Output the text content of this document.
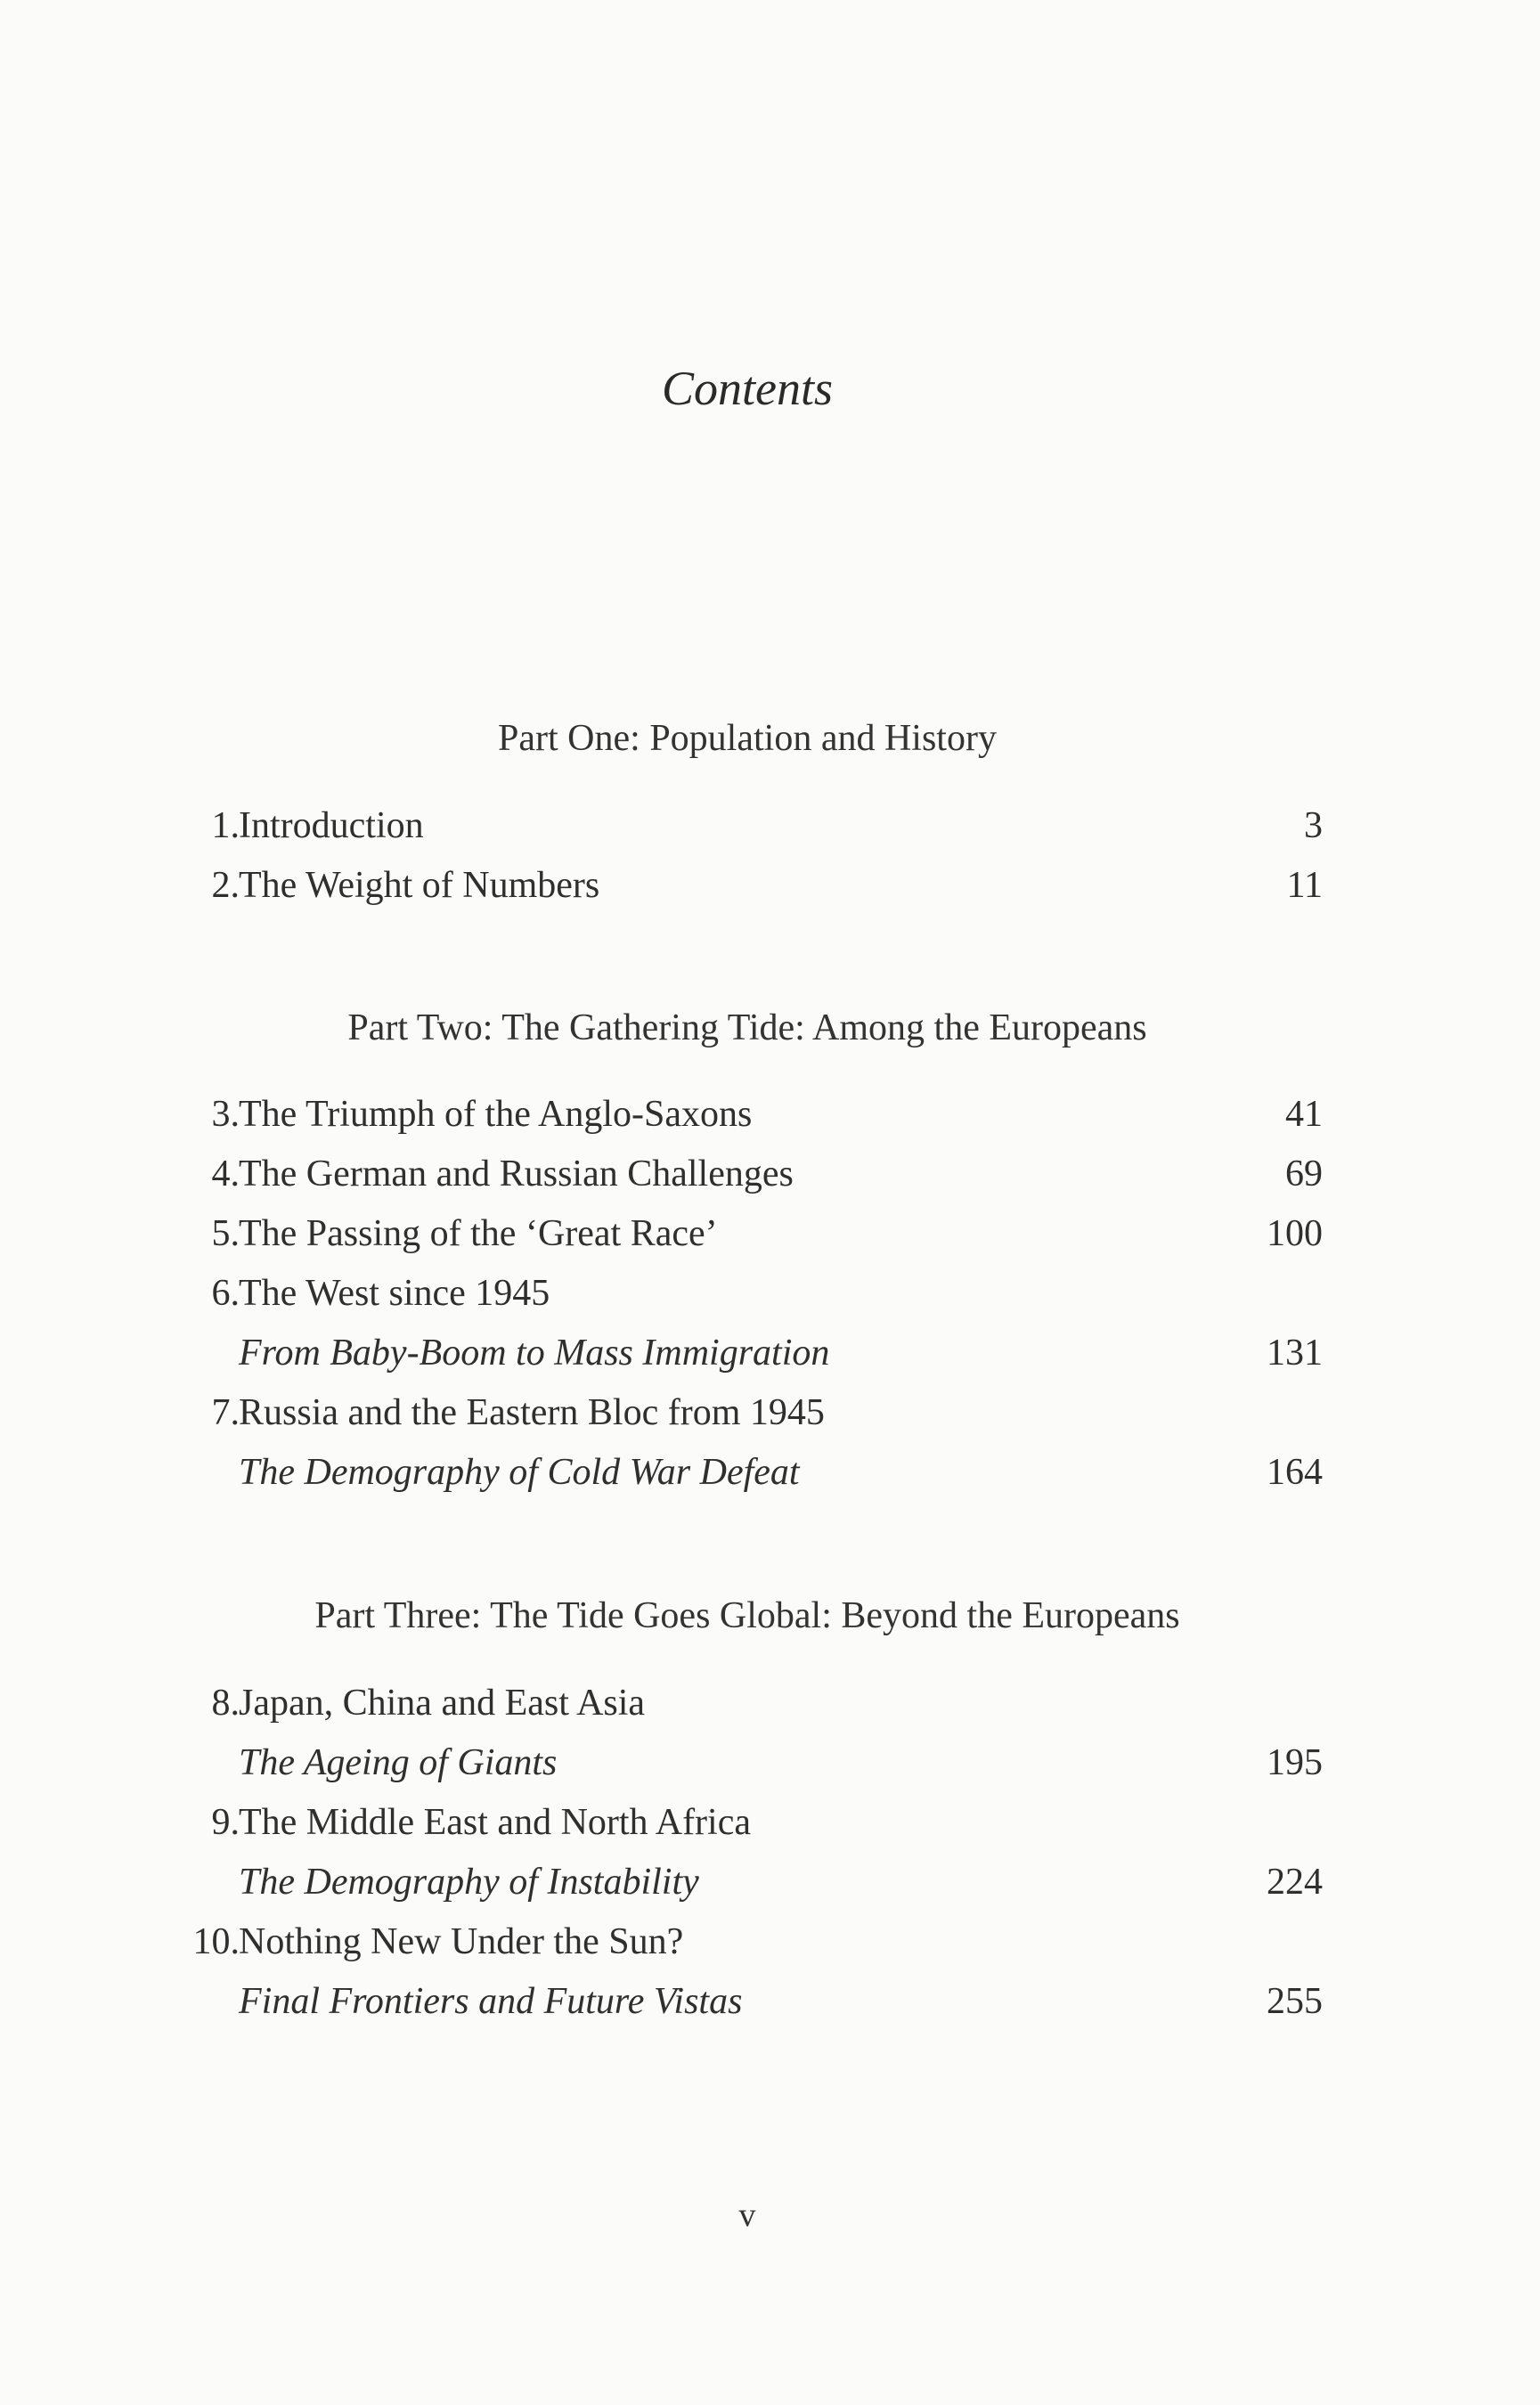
Contents
Part One: Population and History
1. Introduction	3
2. The Weight of Numbers	11
Part Two: The Gathering Tide: Among the Europeans
3. The Triumph of the Anglo-Saxons	41
4. The German and Russian Challenges	69
5. The Passing of the ‘Great Race’	100
6. The West since 1945
From Baby-Boom to Mass Immigration	131
7. Russia and the Eastern Bloc from 1945
The Demography of Cold War Defeat	164
Part Three: The Tide Goes Global: Beyond the Europeans
8. Japan, China and East Asia
The Ageing of Giants	195
9. The Middle East and North Africa
The Demography of Instability	224
10. Nothing New Under the Sun?
Final Frontiers and Future Vistas	255
v
